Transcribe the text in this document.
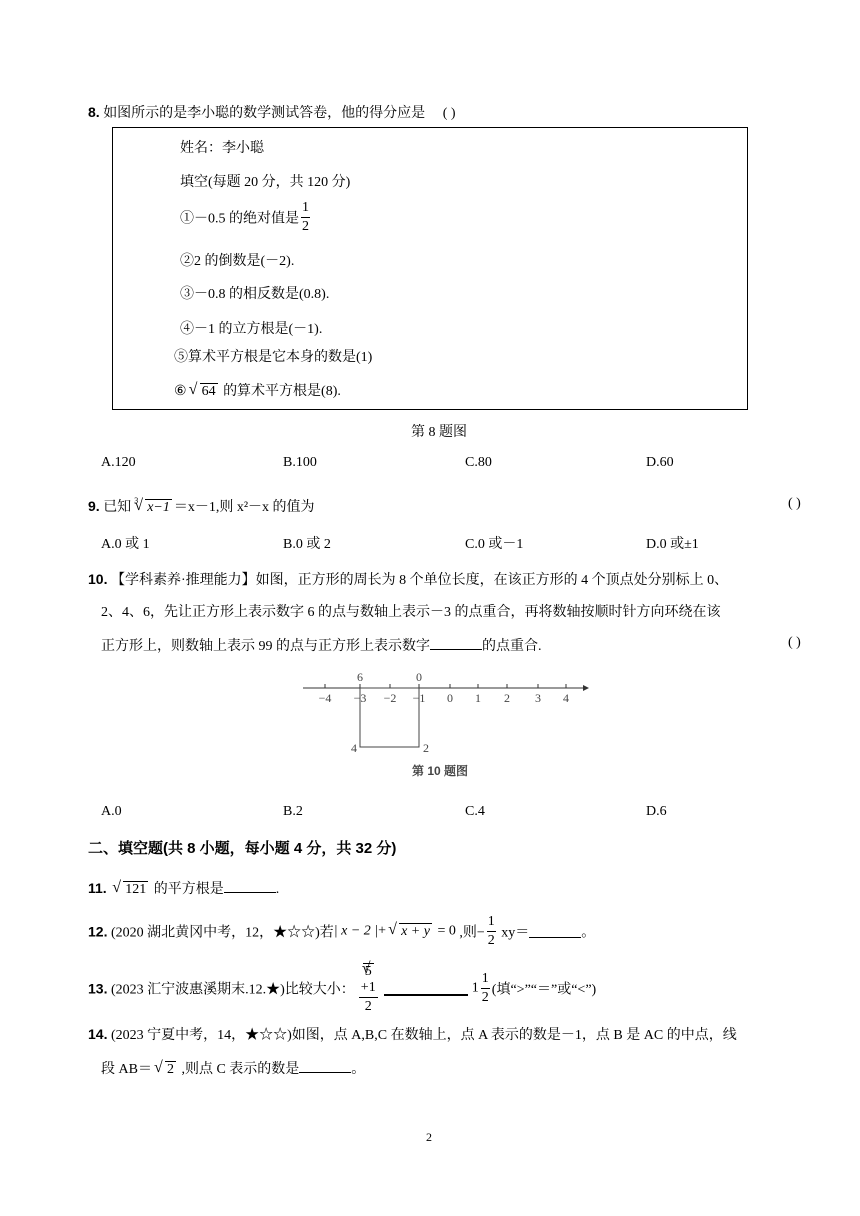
8. 如图所示的是李小聪的数学测试答卷，他的得分应是 ( )
姓名：李小聪
填空(每题 20 分，共 120 分)
①－0.5 的绝对值是 $\frac{1}{2}$
②2 的倒数是(－2).
③－0.8 的相反数是(0.8).
④－1 的立方根是(－1).
⑤算术平方根是它本身的数是(1)
⑥ √ 64 的算术平方根是(8).
第 8 题图
A.120	B.100	C.80	D.60
9. 已知 $^3$ √ x−1 ＝x－1,则 x²－x 的值为	( )
A.0 或 1	B.0 或 2	C.0 或－1	D.0 或±1
10. 【学科素养·推理能力】如图，正方形的周长为 8 个单位长度，在该正方形的 4 个顶点处分别标上 0、
2、4、6，先让正方形上表示数字 6 的点与数轴上表示－3 的点重合，再将数轴按顺时针方向环绕在该
正方形上，则数轴上表示 99 的点与正方形上表示数字	的点重合.	( )
−4 −3 −2 −1 0 1 2 3 4
6	0
4	2
第 10 题图
A.0	B.2	C.4	D.6
二、填空题(共 8 小题，每小题 4 分，共 32 分)
11. √ 121 的平方根是	.
12. (2020 湖北黄冈中考，12，★☆☆)若| x − 2 |+ √ x + y = 0 ,则− $\frac{1}{2} xy=$	。
13. (2023 汇宁波惠溪期末.12.★)比较大小： √ 5
+1
2	$1 \frac{1}{2}$ (填“>”“＝”或“<”)
14. (2023 宁夏中考，14，★☆☆)如图，点 A,B,C 在数轴上，点 A 表示的数是－1，点 B 是 AC 的中点，线
段 AB＝ √ 2 ,则点 C 表示的数是	。
2
